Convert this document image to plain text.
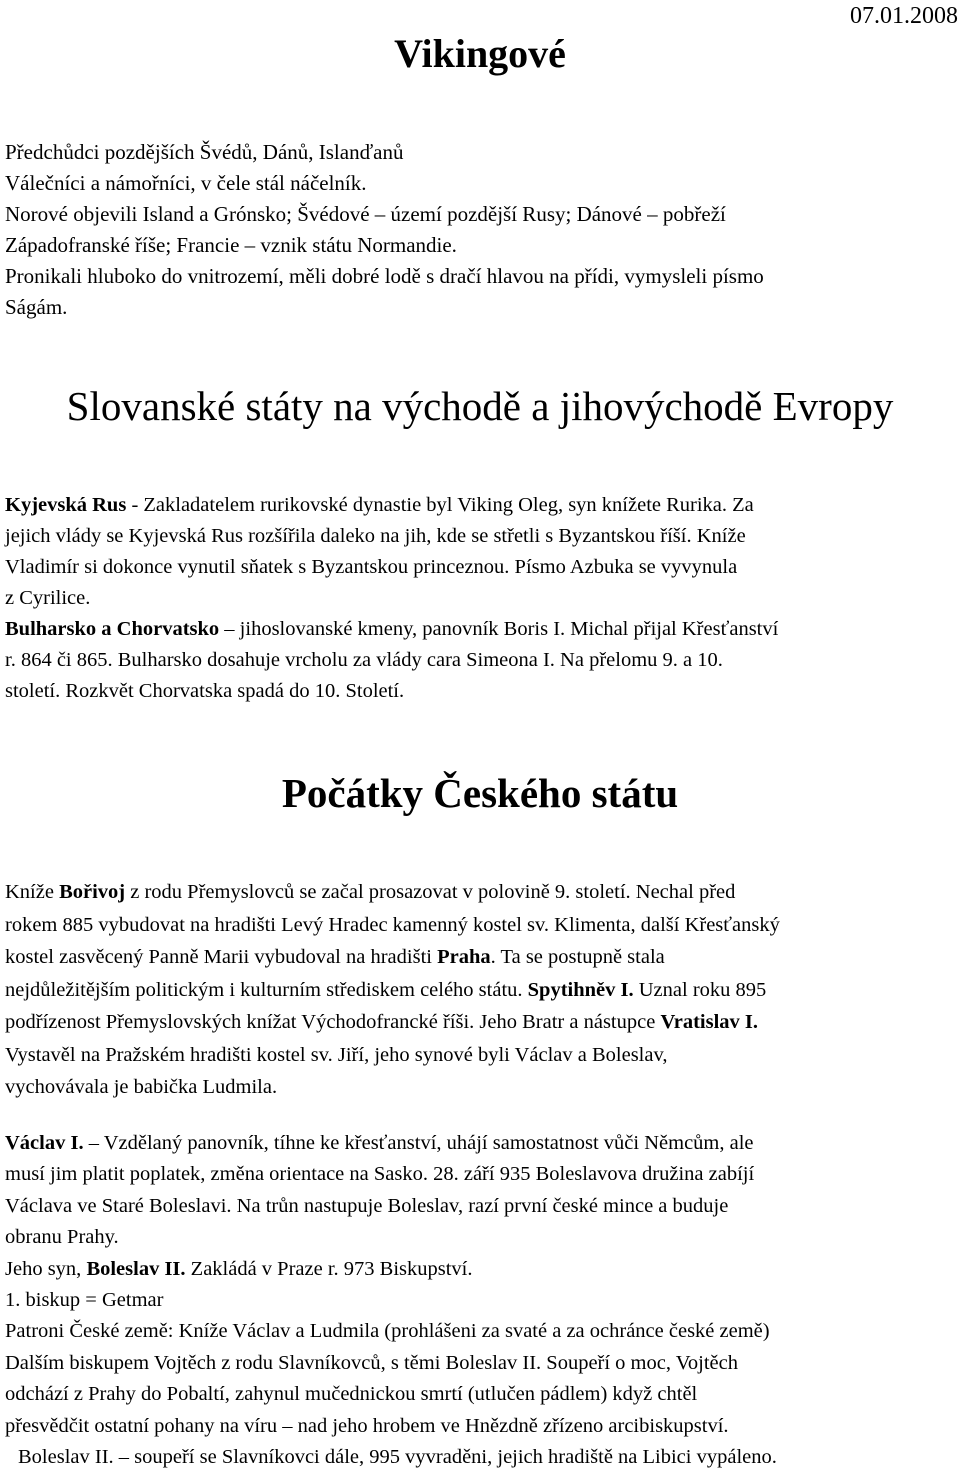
07.01.2008
Vikingové
Předchůdci pozdějších Švédů, Dánů, Islanďanů
Válečníci a námořníci, v čele stál náčelník.
Norové objevili Island a Grónsko; Švédové – území pozdější Rusy; Dánové – pobřeží
Západofranské říše; Francie – vznik státu Normandie.
Pronikali hluboko do vnitrozemí, měli dobré lodě s dračí hlavou na přídi, vymysleli písmo
Ságám.
Slovanské státy na východě a jihovýchodě Evropy
Kyjevská Rus - Zakladatelem rurikovské dynastie byl Viking Oleg, syn knížete Rurika. Za
jejich vlády se Kyjevská Rus rozšířila daleko na jih, kde se střetli s Byzantskou říší. Kníže
Vladimír si dokonce vynutil sňatek s Byzantskou princeznou. Písmo Azbuka se vyvynula
z Cyrilice.
Bulharsko a Chorvatsko – jihoslovanské kmeny, panovník Boris I. Michal přijal Křesťanství
r. 864 či 865. Bulharsko dosahuje vrcholu za vlády cara Simeona I. Na přelomu 9. a 10.
století. Rozkvět Chorvatska spadá do 10. Století.
Počátky Českého státu
Kníže Bořivoj z rodu Přemyslovců se začal prosazovat v polovině 9. století. Nechal před
rokem 885 vybudovat na hradišti Levý Hradec kamenný kostel sv. Klimenta, další Křesťanský
kostel zasvěcený Panně Marii vybudoval na hradišti Praha. Ta se postupně stala
nejdůležitějším politickým i kulturním střediskem celého státu. Spytihněv I. Uznal roku 895
podřízenost Přemyslovských knížat Východofrancké říši. Jeho Bratr a nástupce Vratislav I.
Vystavěl na Pražském hradišti kostel sv. Jiří, jeho synové byli Václav a Boleslav,
vychovávala je babička Ludmila.
Václav I. – Vzdělaný panovník, tíhne ke křesťanství, uhájí samostatnost vůči Němcům, ale
musí jim platit poplatek, změna orientace na Sasko. 28. září 935 Boleslavova družina zabíjí
Václava ve Staré Boleslavi. Na trůn nastupuje Boleslav, razí první české mince a buduje
obranu Prahy.
Jeho syn, Boleslav II. Zakládá v Praze r. 973 Biskupství.
1. biskup = Getmar
Patroni České země: Kníže Václav a Ludmila (prohlášeni za svaté a za ochránce české země)
Dalším biskupem Vojtěch z rodu Slavníkovců, s těmi Boleslav II. Soupeří o moc, Vojtěch
odchází z Prahy do Pobaltí, zahynul mučednickou smrtí (utlučen pádlem) když chtěl
přesvědčit ostatní pohany na víru – nad jeho hrobem ve Hnězdně zřízeno arcibiskupství.
Boleslav II. – soupeří se Slavníkovci dále, 995 vyvraděni, jejich hradiště na Libici vypáleno.
